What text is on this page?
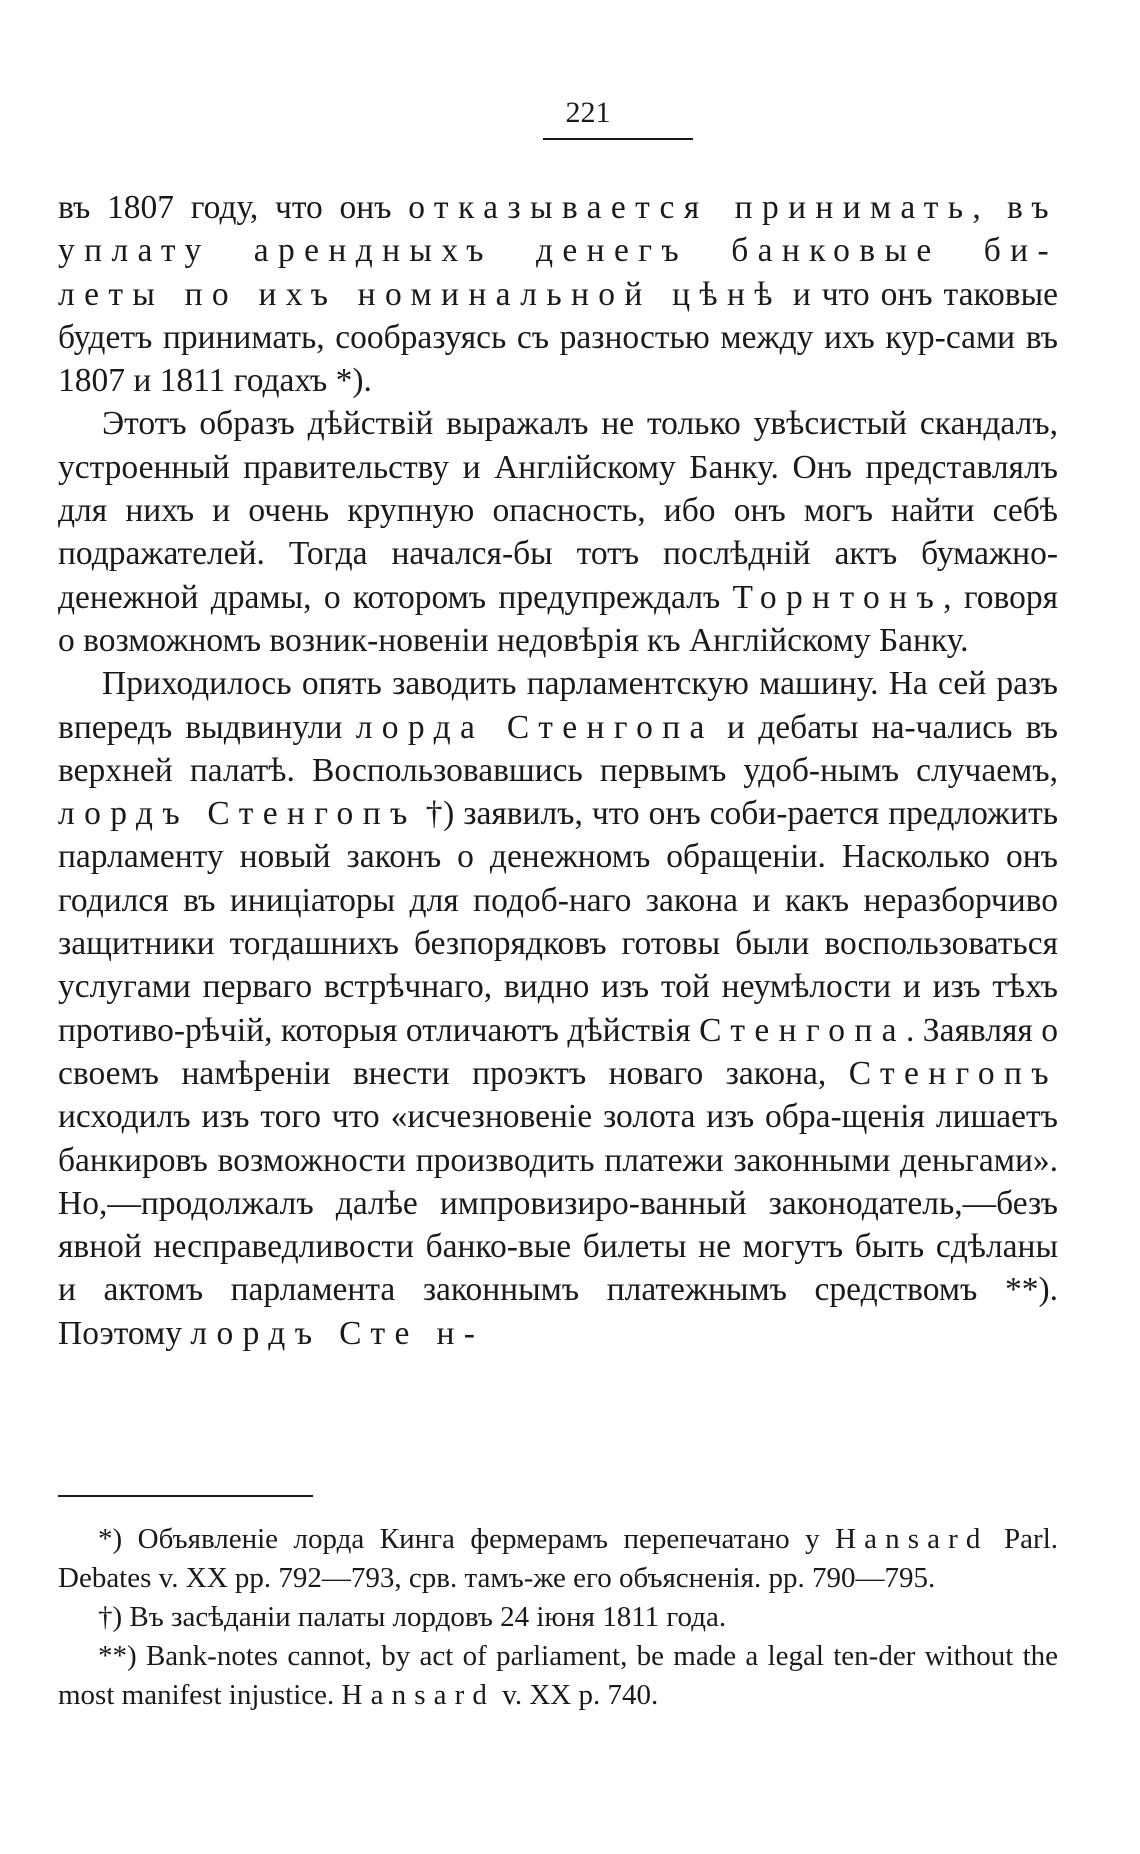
221

въ 1807 году, что онъ отказывается принимать, въ уплату арендныхъ денегъ банковые би- леты по ихъ номинальной цѣнѣ и что онъ таковые будетъ принимать, сообразуясь съ разностью между ихъ кур-сами въ 1807 и 1811 годахъ *).

Этотъ образъ дѣйствій выражалъ не только увѣсистый скандалъ, устроенный правительству и Англійскому Банку. Онъ представлялъ для нихъ и очень крупную опасность, ибо онъ могъ найти себѣ подражателей. Тогда начался-бы тотъ послѣдній актъ бумажно-денежной драмы, о которомъ предупреждалъ Торнтонъ, говоря о возможномъ возник-новеніи недовѣрія къ Англійскому Банку.

Приходилось опять заводить парламентскую машину. На сей разъ впередъ выдвинули лорда Стенгопа и дебаты на-чались въ верхней палатѣ. Воспользовавшись первымъ удоб-нымъ случаемъ, лордъ Стенгопъ †) заявилъ, что онъ соби-рается предложить парламенту новый законъ о денежномъ обращеніи. Насколько онъ годился въ иниціаторы для подоб-наго закона и какъ неразборчиво защитники тогдашнихъ безпорядковъ готовы были воспользоваться услугами перваго встрѣчнаго, видно изъ той неумѣлости и изъ тѣхъ противо-рѣчій, которыя отличаютъ дѣйствія Стенгопа. Заявляя о своемъ намѣреніи внести проэктъ новаго закона, Стенгопъ исходилъ изъ того что «исчезновеніе золота изъ обра-щенія лишаетъ банкировъ возможности производить платежи законными деньгами». Но,—продолжалъ далѣе импровизиро-ванный законодатель,—безъ явной несправедливости банко-вые билеты не могутъ быть сдѣланы и актомъ парламента законнымъ платежнымъ средствомъ **). Поэтому лордъ Сте н-

*) Объявленіе лорда Кинга фермерамъ перепечатано у Hansard Parl. Debates v. XX pp. 792—793, срв. тамъ-же его объясненія. pp. 790—795.

†) Въ засѣданіи палаты лордовъ 24 іюня 1811 года.

**) Bank-notes cannot, by act of parliament, be made a legal ten-der without the most manifest injustice. Hansard v. XX p. 740.
